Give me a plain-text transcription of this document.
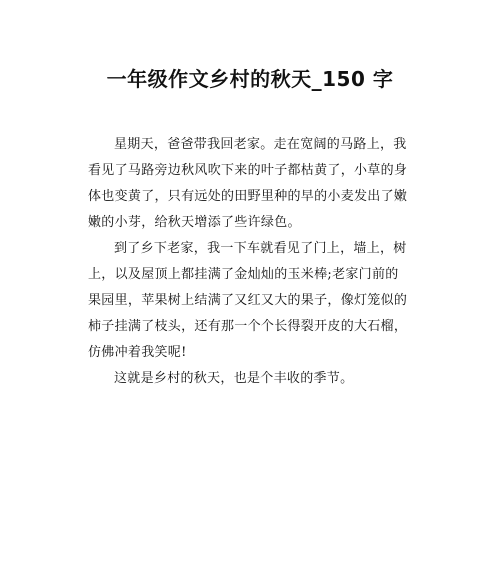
一年级作文乡村的秋天_150 字

星期天，爸爸带我回老家。走在宽阔的马路上，我
看见了马路旁边秋风吹下来的叶子都枯黄了，小草的身
体也变黄了，只有远处的田野里种的早的小麦发出了嫩
嫩的小芽，给秋天增添了些许绿色。

到了乡下老家，我一下车就看见了门上，墙上，树
上，以及屋顶上都挂满了金灿灿的玉米棒;老家门前的
果园里，苹果树上结满了又红又大的果子，像灯笼似的
柿子挂满了枝头，还有那一个个长得裂开皮的大石榴，
仿佛冲着我笑呢!

这就是乡村的秋天，也是个丰收的季节。
